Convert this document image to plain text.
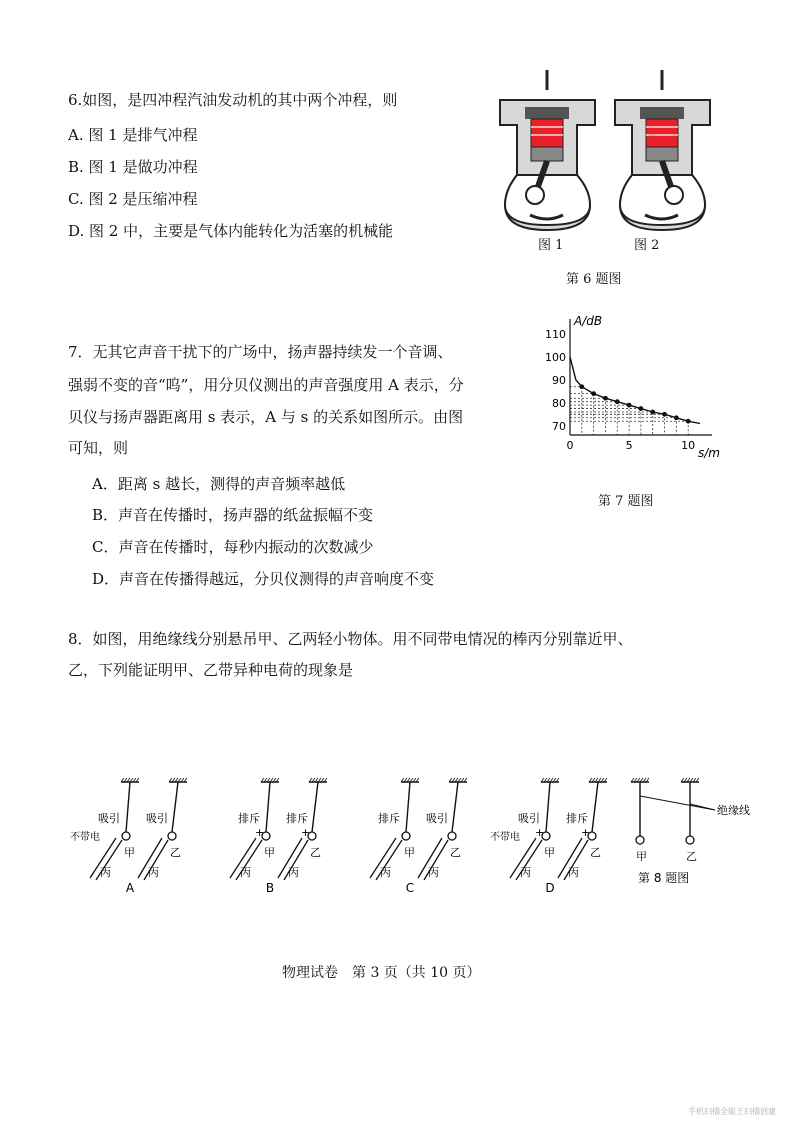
6.如图，是四冲程汽油发动机的其中两个冲程，则
A. 图 1 是排气冲程
B. 图 1 是做功冲程
C. 图 2 是压缩冲程
D. 图 2 中，主要是气体内能转化为活塞的机械能
图 1	图 2
第 6 题图
7．无其它声音干扰下的广场中，扬声器持续发一个音调、
强弱不变的音“呜”，用分贝仪测出的声音强度用 A 表示，分
贝仪与扬声器距离用 s 表示，A 与 s 的关系如图所示。由图
可知，则
A．距离 s 越长，测得的声音频率越低
B．声音在传播时，扬声器的纸盆振幅不变
C．声音在传播时，每秒内振动的次数减少
D．声音在传播得越远，分贝仪测得的声音响度不变
A/dB
s/m
70
80
90
100
110
0	5	10
第 7 题图
8．如图，用绝缘线分别悬吊甲、乙两轻小物体。用不同带电情况的棒丙分别靠近甲、
乙，下列能证明甲、乙带异种电荷的现象是
甲	乙
吸引 吸引
不带电
丙	丙
A
甲	乙
排斥 排斥
丙	丙
+	+
B
甲	乙
排斥 吸引
丙	丙
C
甲	乙
吸引 排斥
不带电
丙	丙
+	+
D
绝缘线
甲	乙
第 8 题图
物理试卷　第 3 页（共 10 页）
手机扫描全能王扫描创建
